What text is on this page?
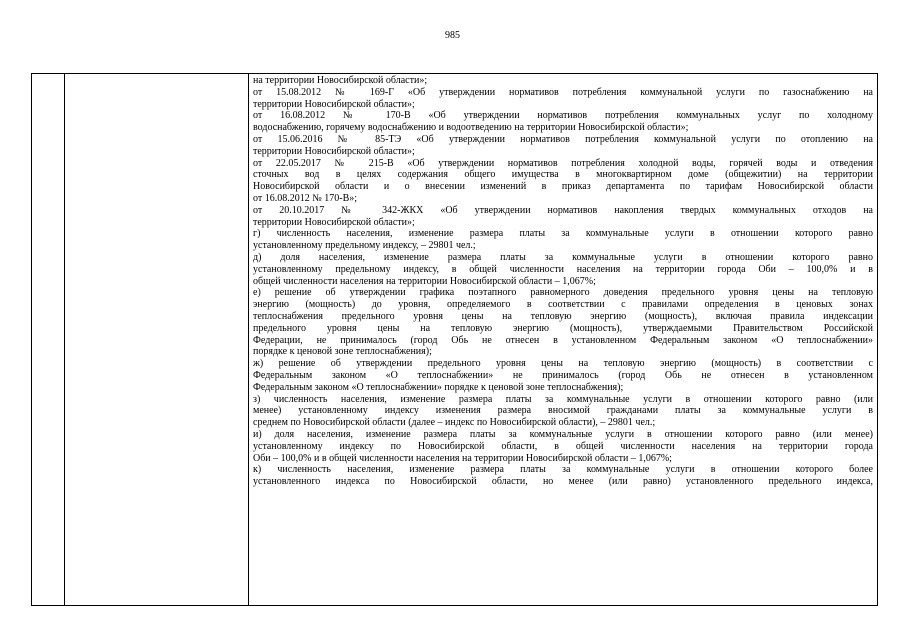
985
на территории Новосибирской области»;
от 15.08.2012 № 169-Г «Об утверждении нормативов потребления коммунальной услуги по газоснабжению на
территории Новосибирской области»;
от 16.08.2012 № 170-В «Об утверждении нормативов потребления коммунальных услуг по холодному
водоснабжению, горячему водоснабжению и водоотведению на территории Новосибирской области»;
от 15.06.2016 № 85-ТЭ «Об утверждении нормативов потребления коммунальной услуги по отоплению на
территории Новосибирской области»;
от 22.05.2017 № 215-В «Об утверждении нормативов потребления холодной воды, горячей воды и отведения
сточных вод в целях содержания общего имущества в многоквартирном доме (общежитии) на территории
Новосибирской области и о внесении изменений в приказ департамента по тарифам Новосибирской области
от 16.08.2012 № 170-В»;
от 20.10.2017 № 342-ЖКХ «Об утверждении нормативов накопления твердых коммунальных отходов на
территории Новосибирской области»;
г) численность населения, изменение размера платы за коммунальные услуги в отношении которого равно
установленному предельному индексу, – 29801 чел.;
д) доля населения, изменение размера платы за коммунальные услуги в отношении которого равно
установленному предельному индексу, в общей численности населения на территории города Оби – 100,0% и в
общей численности населения на территории Новосибирской области – 1,067%;
е) решение об утверждении графика поэтапного равномерного доведения предельного уровня цены на тепловую
энергию (мощность) до уровня, определяемого в соответствии с правилами определения в ценовых зонах
теплоснабжения предельного уровня цены на тепловую энергию (мощность), включая правила индексации
предельного уровня цены на тепловую энергию (мощность), утверждаемыми Правительством Российской
Федерации, не принималось (город Обь не отнесен в установленном Федеральным законом «О теплоснабжении»
порядке к ценовой зоне теплоснабжения);
ж) решение об утверждении предельного уровня цены на тепловую энергию (мощность) в соответствии с
Федеральным законом «О теплоснабжении» не принималось (город Обь не отнесен в установленном
Федеральным законом «О теплоснабжении» порядке к ценовой зоне теплоснабжения);
з) численность населения, изменение размера платы за коммунальные услуги в отношении которого равно (или
менее) установленному индексу изменения размера вносимой гражданами платы за коммунальные услуги в
среднем по Новосибирской области (далее – индекс по Новосибирской области), – 29801 чел.;
и) доля населения, изменение размера платы за коммунальные услуги в отношении которого равно (или менее)
установленному индексу по Новосибирской области, в общей численности населения на территории города
Оби – 100,0% и в общей численности населения на территории Новосибирской области – 1,067%;
к) численность населения, изменение размера платы за коммунальные услуги в отношении которого более
установленного индекса по Новосибирской области, но менее (или равно) установленного предельного индекса,
